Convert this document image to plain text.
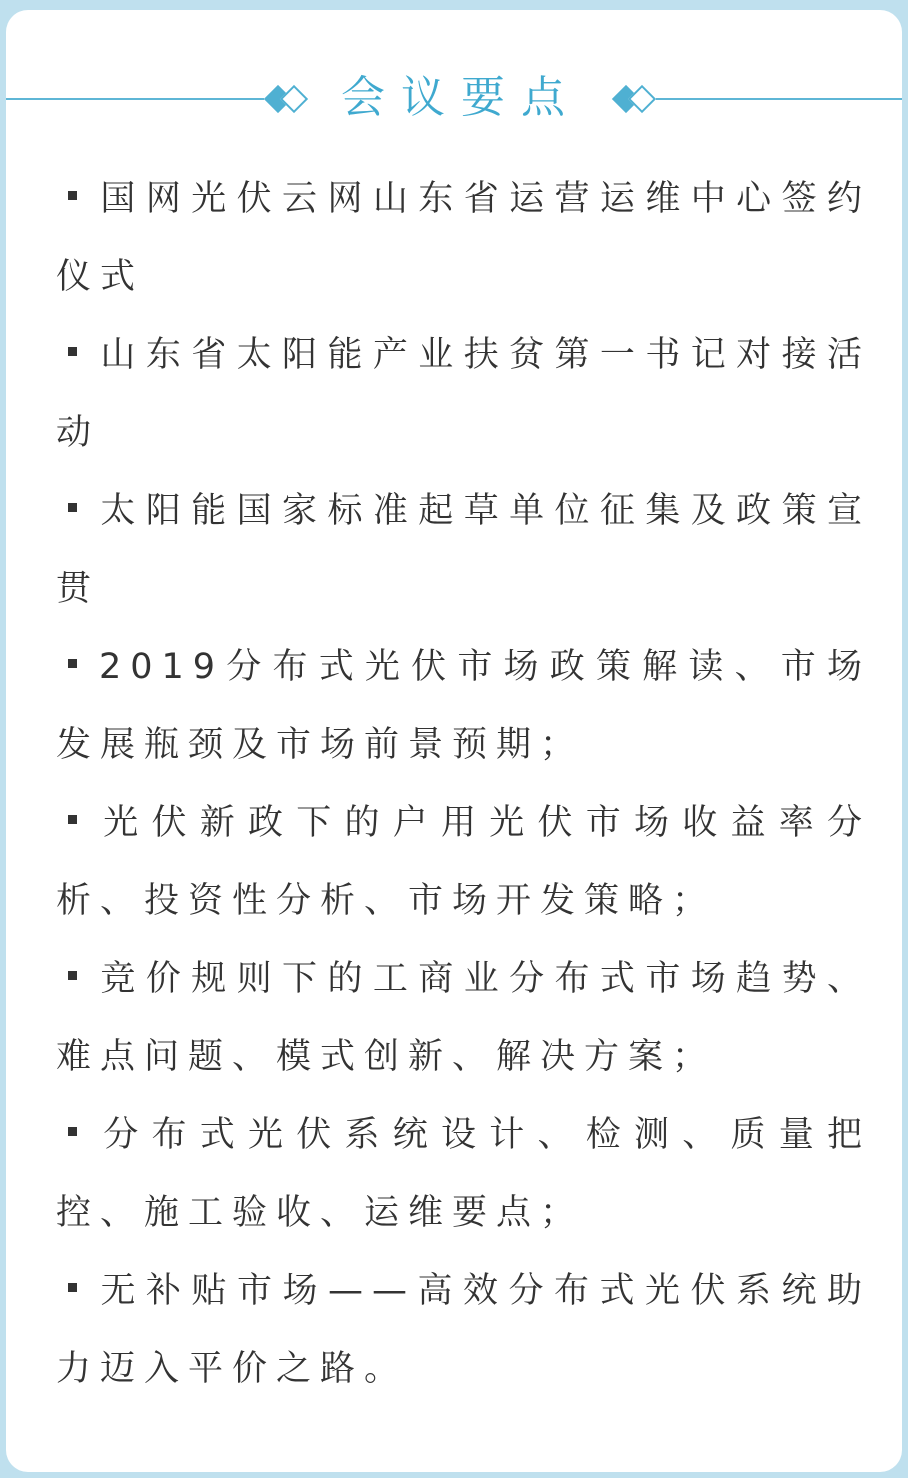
会议要点
国网光伏云网山东省运营运维中心签约仪式
山东省太阳能产业扶贫第一书记对接活动
太阳能国家标准起草单位征集及政策宣贯
2019分布式光伏市场政策解读、市场发展瓶颈及市场前景预期；
光伏新政下的户用光伏市场收益率分析、投资性分析、市场开发策略；
竞价规则下的工商业分布式市场趋势、难点问题、模式创新、解决方案；
分布式光伏系统设计、检测、质量把控、施工验收、运维要点；
无补贴市场——高效分布式光伏系统助力迈入平价之路。
